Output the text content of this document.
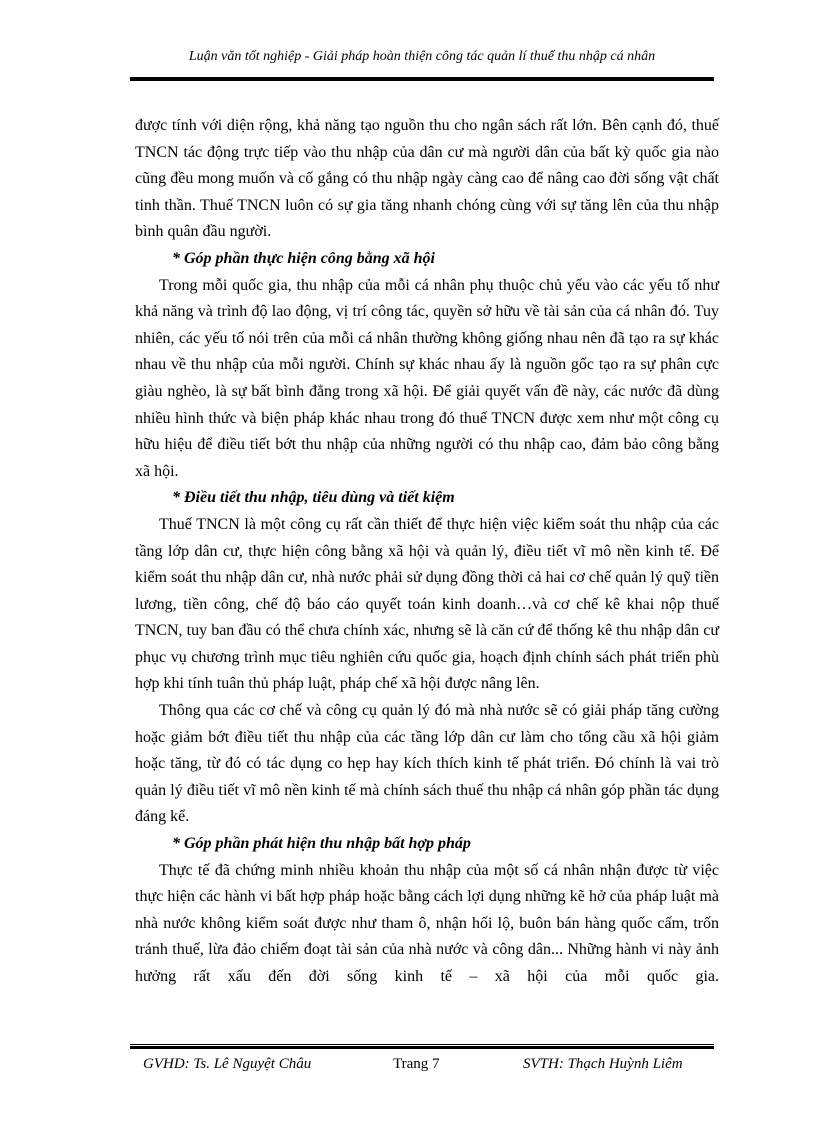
Luận văn tốt nghiệp - Giải pháp hoàn thiện công tác quản lí thuế thu nhập cá nhân

được tính với diện rộng, khả năng tạo nguồn thu cho ngân sách rất lớn. Bên cạnh đó, thuế TNCN tác động trực tiếp vào thu nhập của dân cư mà người dân của bất kỳ quốc gia nào cũng đều mong muốn và cố gắng có thu nhập ngày càng cao để nâng cao đời sống vật chất tinh thần. Thuế TNCN luôn có sự gia tăng nhanh chóng cùng với sự tăng lên của thu nhập bình quân đầu người.

* Góp phần thực hiện công bằng xã hội

Trong mỗi quốc gia, thu nhập của mỗi cá nhân phụ thuộc chủ yếu vào các yếu tố như khả năng và trình độ lao động, vị trí công tác, quyền sở hữu về tài sản của cá nhân đó. Tuy nhiên, các yếu tố nói trên của mỗi cá nhân thường không giống nhau nên đã tạo ra sự khác nhau về thu nhập của mỗi người. Chính sự khác nhau ấy là nguồn gốc tạo ra sự phân cực giàu nghèo, là sự bất bình đẳng trong xã hội. Để giải quyết vấn đề này, các nước đã dùng nhiều hình thức và biện pháp khác nhau trong đó thuế TNCN được xem như một công cụ hữu hiệu để điều tiết bớt thu nhập của những người có thu nhập cao, đảm bảo công bằng xã hội.

* Điều tiết thu nhập, tiêu dùng và tiết kiệm

Thuế TNCN là một công cụ rất cần thiết để thực hiện việc kiểm soát thu nhập của các tầng lớp dân cư, thực hiện công bằng xã hội và quản lý, điều tiết vĩ mô nền kinh tế. Để kiểm soát thu nhập dân cư, nhà nước phải sử dụng đồng thời cả hai cơ chế quản lý quỹ tiền lương, tiền công, chế độ báo cáo quyết toán kinh doanh…và cơ chế kê khai nộp thuế TNCN, tuy ban đầu có thể chưa chính xác, nhưng sẽ là căn cứ để thống kê thu nhập dân cư phục vụ chương trình mục tiêu nghiên cứu quốc gia, hoạch định chính sách phát triển phù hợp khi tính tuân thủ pháp luật, pháp chế xã hội được nâng lên.

Thông qua các cơ chế và công cụ quản lý đó mà nhà nước sẽ có giải pháp tăng cường hoặc giảm bớt điều tiết thu nhập của các tầng lớp dân cư làm cho tổng cầu xã hội giảm hoặc tăng, từ đó có tác dụng co hẹp hay kích thích kinh tế phát triển. Đó chính là vai trò quản lý điều tiết vĩ mô nền kinh tế mà chính sách thuế thu nhập cá nhân góp phần tác dụng đáng kể.

* Góp phần phát hiện thu nhập bất hợp pháp

Thực tế đã chứng minh nhiều khoản thu nhập của một số cá nhân nhận được từ việc thực hiện các hành vi bất hợp pháp hoặc bằng cách lợi dụng những kẽ hở của pháp luật mà nhà nước không kiểm soát được như tham ô, nhận hối lộ, buôn bán hàng quốc cấm, trốn tránh thuế, lừa đảo chiếm đoạt tài sản của nhà nước và công dân... Những hành vi này ảnh hưởng rất xấu đến đời sống kinh tế – xã hội của mỗi quốc gia.

GVHD: Ts. Lê Nguyệt Châu	Trang 7	SVTH: Thạch Huỳnh Liêm
